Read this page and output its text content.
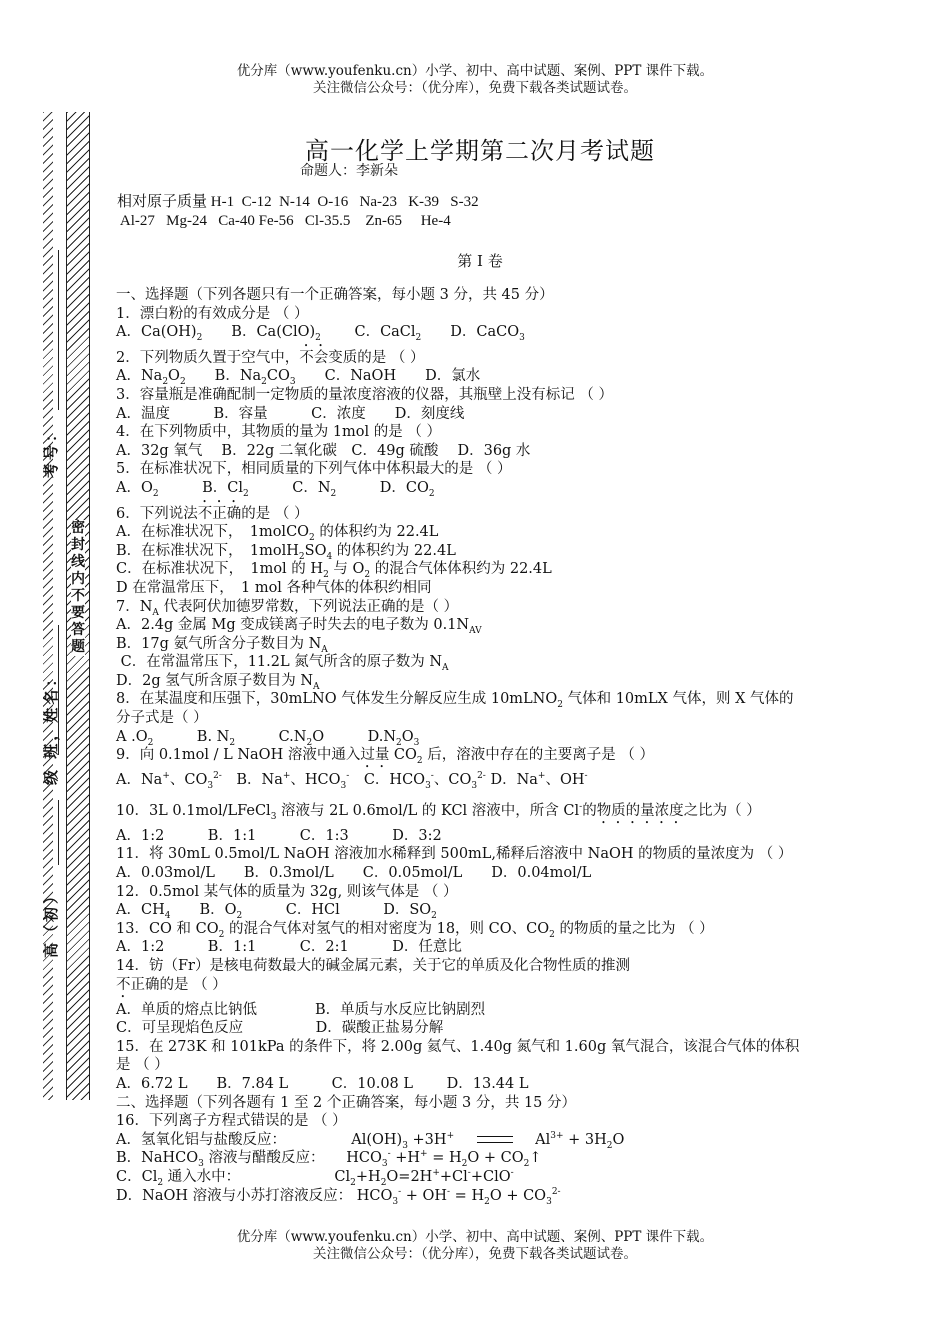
优分库（www.youfenku.cn）小学、初中、高中试题、案例、PPT 课件下载。
关注微信公众号：（优分库），免费下载各类试题试卷。
考号：
级 班，姓名：
高（初）
密封线内不要答题
高一化学上学期第二次月考试题
命题人：李新朵
相对原子质量 H-1  C-12  N-14  O-16   Na-23   K-39   S-32
Al-27   Mg-24   Ca-40 Fe-56   Cl-35.5    Zn-65     He-4
第 Ⅰ 卷
一、选择题（下列各题只有一个正确答案，每小题 3 分，共 45 分）
1．漂白粉的有效成分是 （ ）
A．$Ca(OH)_2$　　B．$Ca(ClO)_2$　　 C．CaCl$_2$　　D．CaCO$_3$
2．下列物质久置于空气中，不会变质的是 （ ）
A．$Na_2O_2$　　B．$Na_2CO_3$　　C．NaOH　　D．氯水
3．容量瓶是准确配制一定物质的量浓度溶液的仪器，其瓶壁上没有标记 （ ）
A．温度　　　B．容量　　　C．浓度　　D．刻度线
4．在下列物质中，其物质的量为 1mol 的是 （ ）
A．32g 氧气　 B．22g 二氧化碳　C．49g 硫酸　 D．36g 水
5．在标准状况下，相同质量的下列气体中体积最大的是 （ ）
A．$O_2$　　　B．$Cl_2$　　　C．$N_2$　　　D．$CO_2$
6．下列说法不正确的是 （ ）
A．在标准状况下，　1molCO$_2$ 的体积约为 22.4L
B．在标准状况下，　$1molH_2SO_4$ 的体积约为 22.4L
C．在标准状况下，　1mol 的 $H_2$ 与 $O_2$ 的混合气体体积约为 22.4L
D 在常温常压下，　1 mol 各种气体的体积约相同
7．$N_A$ 代表阿伏加德罗常数，下列说法正确的是（ ）
A．2.4g 金属 Mg 变成镁离子时失去的电子数为 $0.1N_{AV}$
B．17g 氨气所含分子数目为 $N_A$
C．在常温常压下，11.2L 氮气所含的原子数为 $N_A$
D．2g 氢气所含原子数目为 $N_A$
8．在某温度和压强下，30mLNO 气体发生分解反应生成 10mLNO$_2$ 气体和 10mLX 气体，则 X 气体的
分子式是（ ）
A $.O_2$　　　B. $N_2$　　　$C.N_2O$　　　$D.N_2O_3$
9．向 0.1mol / L NaOH 溶液中通入过量 $CO_2$ 后，溶液中存在的主要离子是 （ ）
A．Na+、$CO_3^{2-}$　B．Na+、$HCO_3^-$　C．$HCO_3^-$、$CO_3^{2-}$ D．Na+、OH-
10．3L 0.1mol/LFeCl$_3$ 溶液与 2L 0.6mol/L 的 KCl 溶液中，所含 Cl-的物质的量浓度之比为（ ）
A．1:2　　　B．1:1　　　C．1:3　　　D．3:2
11．将 30mL 0.5mol/L NaOH 溶液加水稀释到 500mL,稀释后溶液中 NaOH 的物质的量浓度为 （ ）
A．0.03mol/L　　B．0.3mol/L　　C．0.05mol/L　　D．0.04mol/L
12．0.5mol 某气体的质量为 32g, 则该气体是 （ ）
A．$CH_4$　　B．$O_2$　　　C．HCl　　　D．$SO_2$
13．CO 和 $CO_2$ 的混合气体对氢气的相对密度为 18，则 CO、$CO_2$ 的物质的量之比为 （ ）
A．1:2　　　B．1:1　　　C．2:1　　　D．任意比
14．钫（Fr）是核电荷数最大的碱金属元素，关于它的单质及化合物性质的推测
不正确的是 （ ）
A．单质的熔点比钠低　　　　B．单质与水反应比钠剧烈
C．可呈现焰色反应　　　　　D．碳酸正盐易分解
15．在 273K 和 101kPa 的条件下，将 2.00g 氦气、1.40g 氮气和 1.60g 氧气混合，该混合气体的体积
是 （ ）
A．6.72 L　　B．7.84 L　　　C．10.08 L　　 D．13.44 L
二、选择题（下列各题有 1 至 2 个正确答案，每小题 3 分，共 15 分）
16．下列离子方程式错误的是 （ ）
A．氢氧化铝与盐酸反应：　　　　　$Al(OH)_3 +3H^+$　	　$Al^{3+} + 3H_2O$
B．NaHCO$_3$ 溶液与醋酸反应：　　$HCO_3^- +H^+ = H_2O$ + $CO_2↑$
C．$Cl_2$ 通入水中：　　　　　　　$Cl_2+H_2O=2H^++Cl^-+ClO^-$
D．NaOH 溶液与小苏打溶液反应： $HCO_3^- + OH^- = H_2O + CO_3^{2-}$
优分库（www.youfenku.cn）小学、初中、高中试题、案例、PPT 课件下载。
关注微信公众号：（优分库），免费下载各类试题试卷。
